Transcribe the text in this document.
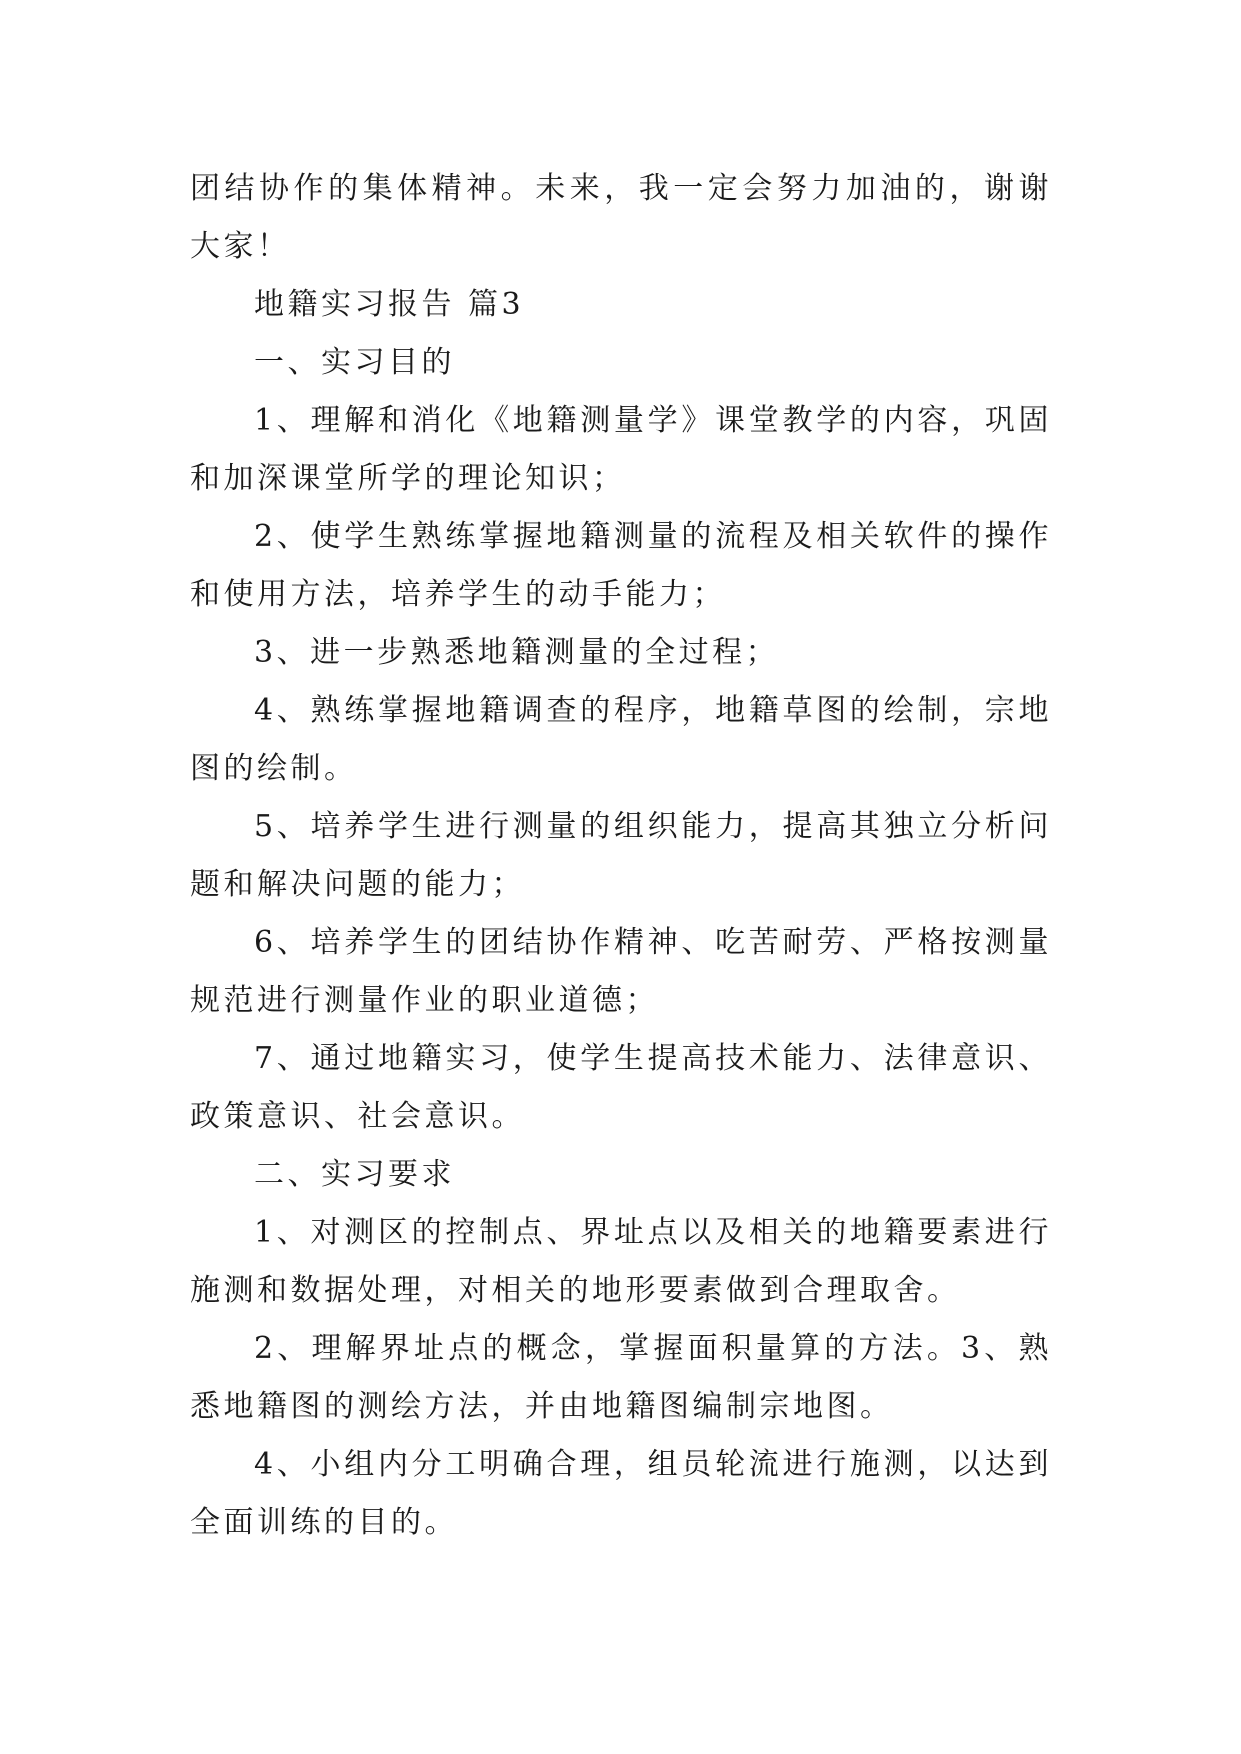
团结协作的集体精神。未来，我一定会努力加油的，谢谢大家！

地籍实习报告 篇3

一、实习目的

1、理解和消化《地籍测量学》课堂教学的内容，巩固和加深课堂所学的理论知识；

2、使学生熟练掌握地籍测量的流程及相关软件的操作和使用方法，培养学生的动手能力；

3、进一步熟悉地籍测量的全过程；

4、熟练掌握地籍调查的程序，地籍草图的绘制，宗地图的绘制。

5、培养学生进行测量的组织能力，提高其独立分析问题和解决问题的能力；

6、培养学生的团结协作精神、吃苦耐劳、严格按测量规范进行测量作业的职业道德；

7、通过地籍实习，使学生提高技术能力、法律意识、政策意识、社会意识。

二、实习要求

1、对测区的控制点、界址点以及相关的地籍要素进行施测和数据处理，对相关的地形要素做到合理取舍。

2、理解界址点的概念，掌握面积量算的方法。3、熟悉地籍图的测绘方法，并由地籍图编制宗地图。

4、小组内分工明确合理，组员轮流进行施测，以达到全面训练的目的。
